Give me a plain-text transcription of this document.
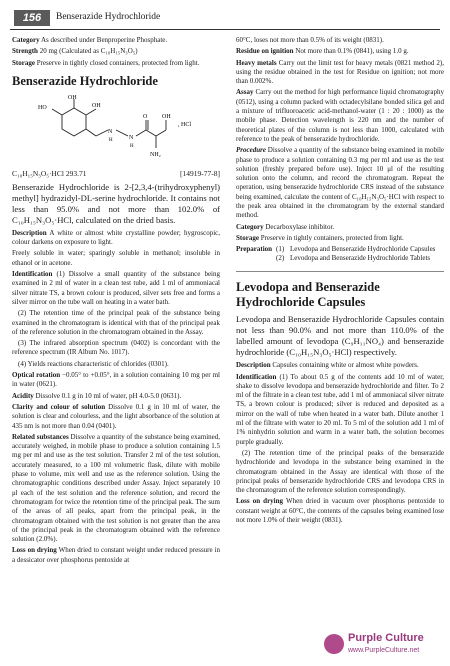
156	Benserazide Hydrochloride
Category As described under Benproperine Phosphate.
Strength 20 mg (Calculated as C₁₀H₁₅N₃O₅)
Storage Preserve in tightly closed containers, protected from light.
Benserazide Hydrochloride
OH
OH
HO
N
H	N
H
O OH
NH₂
, HCl
C₁₀H₁₅N₃O₅·HCl 293.71	[14919-77-8]
Benserazide Hydrochloride is 2-[2,3,4-(trihydroxyphenyl) methyl] hydrazidyl-DL-serine hydrochloride. It contains not less than 95.0% and not more than 102.0% of C₁₀H₁₅N₃O₅·HCl, calculated on the dried basis.
Description A white or almost white crystalline powder; hygroscopic, colour darkens on exposure to light.
Freely soluble in water; sparingly soluble in methanol; insoluble in ethanol or in acetone.
Identification (1) Dissolve a small quantity of the substance being examined in 2 ml of water in a clean test tube, add 1 ml of ammoniacal silver nitrate TS, a brown colour is produced, silver sets free and forms a silver mirror on the tube wall on heating in a water bath.
(2) The retention time of the principal peak of the substance being examined in the chromatogram is identical with that of the principal peak of the reference solution in the chromatogram obtained in the Assay.
(3) The infrared absorption spectrum (0402) is concordant with the reference spectrum (IR Album No. 1017).
(4) Yields reactions characteristic of chlorides (0301).
Optical rotation −0.05° to +0.05°, in a solution containing 10 mg per ml in water (0621).
Acidity Dissolve 0.1 g in 10 ml of water, pH 4.0-5.0 (0631).
Clarity and colour of solution Dissolve 0.1 g in 10 ml of water, the solution is clear and colourless, and the light absorbance of the solution at 435 nm is not more than 0.04 (0401).
Related substances Dissolve a quantity of the substance being examined, accurately weighed, in mobile phase to produce a solution containing 1.5 mg per ml and use as the test solution. Transfer 2 ml of the test solution, accurately measured, to a 100 ml volumetric flask, dilute with mobile phase to volume, mix well and use as the reference solution. Using the chromatographic conditions described under Assay. Inject separately 10 μl each of the test solution and the reference solution, and record the chromatogram for twice the retention time of the principal peak. The sum of the areas of all peaks, apart from the principal peak, in the chromatogram obtained with the test solution is not greater than the area of the principal peak in the chromatogram obtained with the reference solution (2.0%).
Loss on drying When dried to constant weight under reduced pressure in a dessicator over phosphorus pentoxide at
60°C, loses not more than 0.5% of its weight (0831).
Residue on ignition Not more than 0.1% (0841), using 1.0 g.
Heavy metals Carry out the limit test for heavy metals (0821 method 2), using the residue obtained in the test for Residue on ignition; not more than 0.002%.
Assay Carry out the method for high performance liquid chromatography (0512), using a column packed with octadecylsilane bonded silica gel and a mixture of trifluoroacetic acid-methanol-water (1 : 20 : 1000) as the mobile phase. Detection wavelength is 220 nm and the number of theoretical plates of the column is not less than 1000, calculated with reference to the peak of benserazide hydrochloride.
Procedure Dissolve a quantity of the substance being examined in mobile phase to produce a solution containing 0.3 mg per ml and use as the test solution (freshly prepared before use). Inject 10 μl of the resulting solution onto the column, and record the chromatogram. Repeat the operation, using benserazide hydrochloride CRS instead of the substance being examined, calculate the content of C₁₀H₁₅N₃O₅·HCl with respect to the peak area obtained in the chromatogram by the external standard method.
Category Decarboxylase inhibitor.
Storage Preserve in tightly containers, protected from light.
Preparation (1) Levodopa and Benserazide Hydrochloride Capsules
(2) Levodopa and Benserazide Hydrochloride Tablets
Levodopa and Benserazide Hydrochloride Capsules
Levodopa and Benserazide Hydrochloride Capsules contain not less than 90.0% and not more than 110.0% of the labelled amount of levodopa (C₉H₁₁NO₄) and benserazide hydrochloride (C₁₀H₁₅N₃O₅·HCl) respectively.
Description Capsules containing white or almost white powders.
Identification (1) To about 0.5 g of the contents add 10 ml of water, shake to dissolve levodopa and benserazide hydrochloride and filter. To 2 ml of the filtrate in a clean test tube, add 1 ml of ammoniacal silver nitrate TS, a brown colour is produced; silver is reduced and deposited as a mirror on the wall of tube when heated in a water bath. Dilute another 1 ml of the filtrate with water to 20 ml. To 5 ml of the solution add 1 ml of 1% ninhydrin solution and warm in a water bath, the solution becomes purple gradually.
(2) The retention time of the principal peaks of the benserazide hydrochloride and levodopa in the substance being examined in the chromatogram obtained in the Assay are identical with those of the principal peaks of benserazide hydrochloride CRS and levodopa CRS in the chromatogram of the reference solution correspondingly.
Loss on drying When dried in vacuum over phosphorus pentoxide to constant weight at 60°C, the contents of the capsules being examined lose not more 1.0% of their weight (0831).
Purple Culture
www.PurpleCulture.net
